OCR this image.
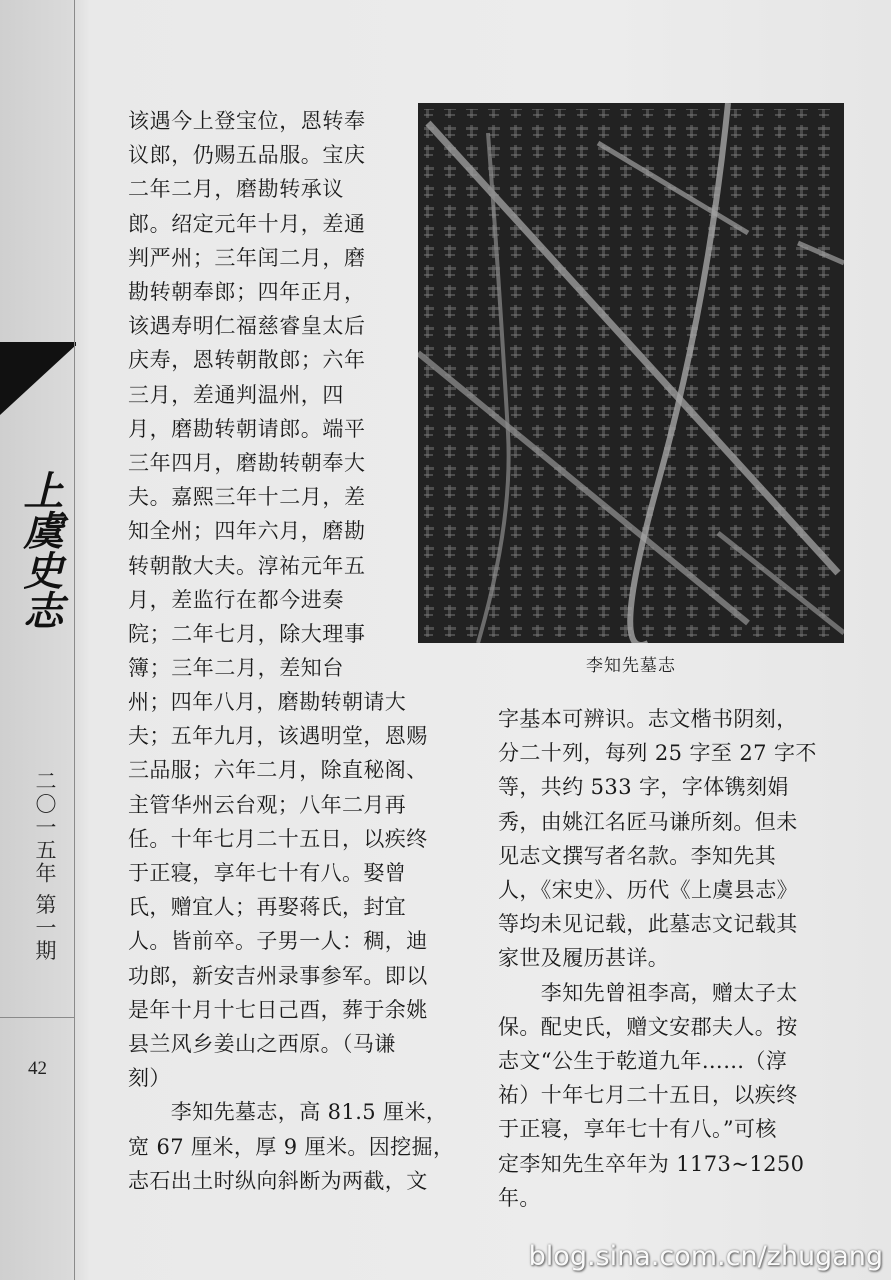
上虞史志
二〇一五年 第一期
42
该遇今上登宝位，恩转奉
议郎，仍赐五品服。宝庆
二年二月，磨勘转承议
郎。绍定元年十月，差通
判严州；三年闰二月，磨
勘转朝奉郎；四年正月，
该遇寿明仁福慈睿皇太后
庆寿，恩转朝散郎；六年
三月，差通判温州，四
月，磨勘转朝请郎。端平
三年四月，磨勘转朝奉大
夫。嘉熙三年十二月，差
知全州；四年六月，磨勘
转朝散大夫。淳祐元年五
月，差监行在都今进奏
院；二年七月，除大理事
簿；三年二月，差知台
州；四年八月，磨勘转朝请大
夫；五年九月，该遇明堂，恩赐
三品服；六年二月，除直秘阁、
主管华州云台观；八年二月再
任。十年七月二十五日，以疾终
于正寝，享年七十有八。娶曾
氏，赠宜人；再娶蒋氏，封宜
人。皆前卒。子男一人：稠，迪
功郎，新安吉州录事参军。即以
是年十月十七日己酉，葬于余姚
县兰风乡姜山之西原。（马谦
刻）
　　李知先墓志，高 81.5 厘米，
宽 67 厘米，厚 9 厘米。因挖掘，
志石出土时纵向斜断为两截，文
李知先墓志
字基本可辨识。志文楷书阴刻，
分二十列，每列 25 字至 27 字不
等，共约 533 字，字体镌刻娟
秀，由姚江名匠马谦所刻。但未
见志文撰写者名款。李知先其
人，《宋史》、历代《上虞县志》
等均未见记载，此墓志文记载其
家世及履历甚详。
　　李知先曾祖李高，赠太子太
保。配史氏，赠文安郡夫人。按
志文“公生于乾道九年……（淳
祐）十年七月二十五日，以疾终
于正寝，享年七十有八。”可核
定李知先生卒年为 1173~1250
年。
blog.sina.com.cn/zhugang
